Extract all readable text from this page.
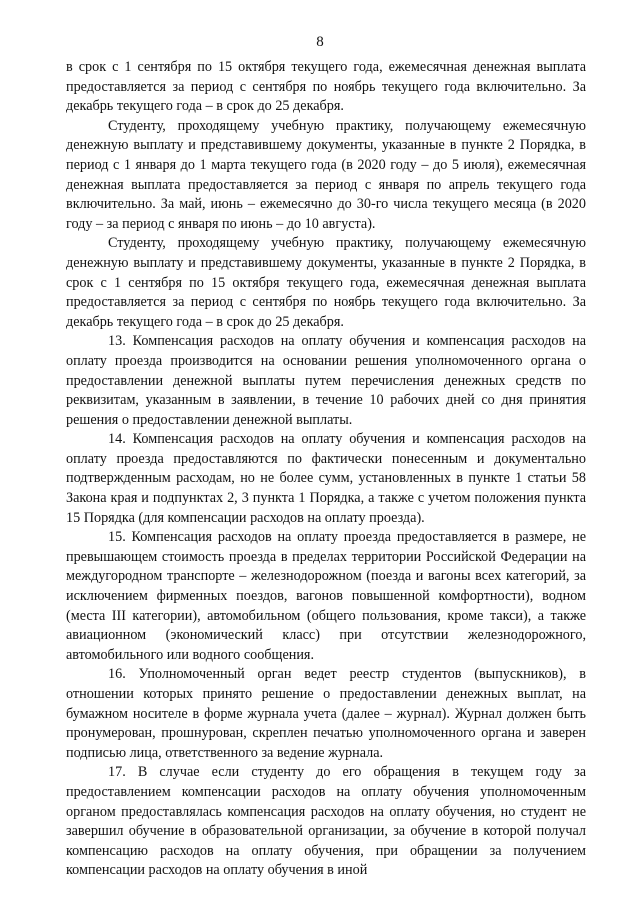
8

в срок с 1 сентября по 15 октября текущего года, ежемесячная денежная выплата предоставляется за период с сентября по ноябрь текущего года включительно. За декабрь текущего года – в срок до 25 декабря.

Студенту, проходящему учебную практику, получающему ежемесячную денежную выплату и представившему документы, указанные в пункте 2 Порядка, в период с 1 января до 1 марта текущего года (в 2020 году – до 5 июля), ежемесячная денежная выплата предоставляется за период с января по апрель текущего года включительно. За май, июнь – ежемесячно до 30-го числа текущего месяца (в 2020 году – за период с января по июнь – до 10 августа).

Студенту, проходящему учебную практику, получающему ежемесячную денежную выплату и представившему документы, указанные в пункте 2 Порядка, в срок с 1 сентября по 15 октября текущего года, ежемесячная денежная выплата предоставляется за период с сентября по ноябрь текущего года включительно. За декабрь текущего года – в срок до 25 декабря.

13. Компенсация расходов на оплату обучения и компенсация расходов на оплату проезда производится на основании решения уполномоченного органа о предоставлении денежной выплаты путем перечисления денежных средств по реквизитам, указанным в заявлении, в течение 10 рабочих дней со дня принятия решения о предоставлении денежной выплаты.

14. Компенсация расходов на оплату обучения и компенсация расходов на оплату проезда предоставляются по фактически понесенным и документально подтвержденным расходам, но не более сумм, установленных в пункте 1 статьи 58 Закона края и подпунктах 2, 3 пункта 1 Порядка, а также с учетом положения пункта 15 Порядка (для компенсации расходов на оплату проезда).

15. Компенсация расходов на оплату проезда предоставляется в размере, не превышающем стоимость проезда в пределах территории Российской Федерации на междугородном транспорте – железнодорожном (поезда и вагоны всех категорий, за исключением фирменных поездов, вагонов повышенной комфортности), водном (места III категории), автомобильном (общего пользования, кроме такси), а также авиационном (экономический класс) при отсутствии железнодорожного, автомобильного или водного сообщения.

16. Уполномоченный орган ведет реестр студентов (выпускников), в отношении которых принято решение о предоставлении денежных выплат, на бумажном носителе в форме журнала учета (далее – журнал). Журнал должен быть пронумерован, прошнурован, скреплен печатью уполномоченного органа и заверен подписью лица, ответственного за ведение журнала.

17. В случае если студенту до его обращения в текущем году за предоставлением компенсации расходов на оплату обучения уполномоченным органом предоставлялась компенсация расходов на оплату обучения, но студент не завершил обучение в образовательной организации, за обучение в которой получал компенсацию расходов на оплату обучения, при обращении за получением компенсации расходов на оплату обучения в иной
